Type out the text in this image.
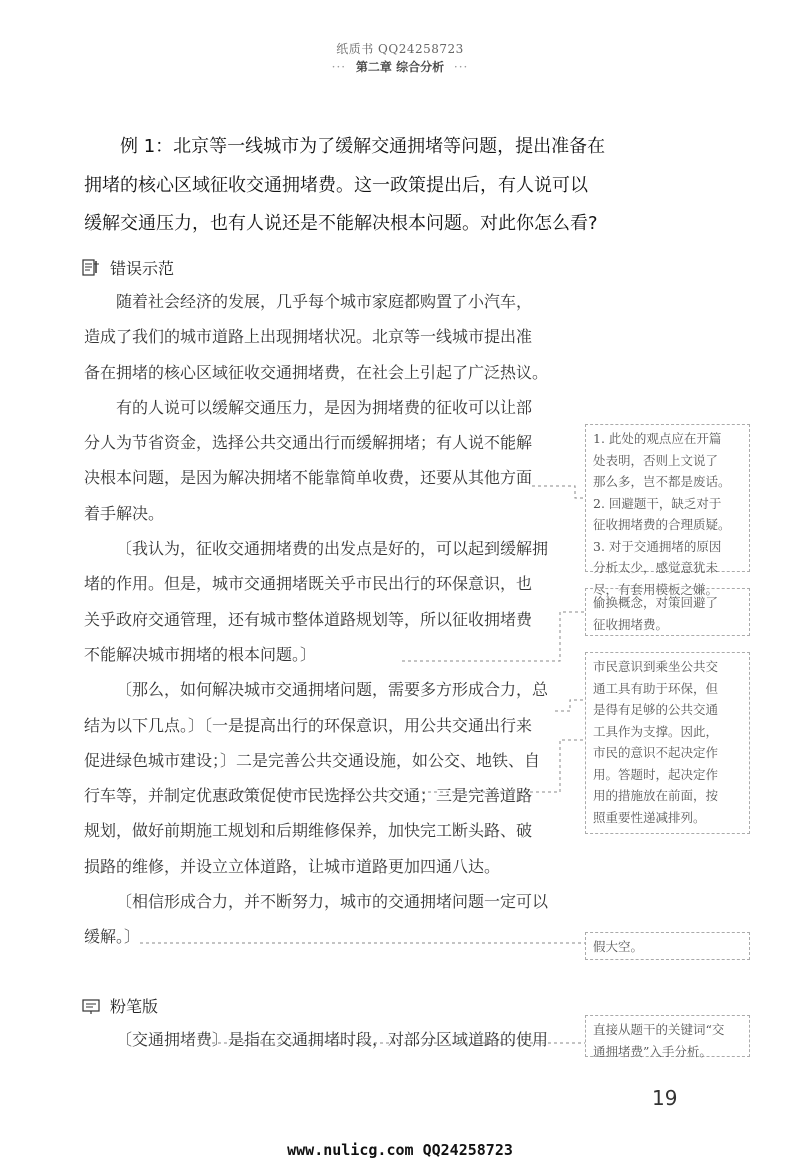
纸质书 QQ24258723
··· 第二章 综合分析 ···
例 1：北京等一线城市为了缓解交通拥堵等问题，提出准备在
拥堵的核心区域征收交通拥堵费。这一政策提出后，有人说可以
缓解交通压力，也有人说还是不能解决根本问题。对此你怎么看?
错误示范
随着社会经济的发展，几乎每个城市家庭都购置了小汽车，
造成了我们的城市道路上出现拥堵状况。北京等一线城市提出准
备在拥堵的核心区域征收交通拥堵费，在社会上引起了广泛热议。
有的人说可以缓解交通压力，是因为拥堵费的征收可以让部
分人为节省资金，选择公共交通出行而缓解拥堵；有人说不能解
决根本问题，是因为解决拥堵不能靠简单收费，还要从其他方面
着手解决。
〔我认为，征收交通拥堵费的出发点是好的，可以起到缓解拥
堵的作用。但是，城市交通拥堵既关乎市民出行的环保意识，也
关乎政府交通管理，还有城市整体道路规划等，所以征收拥堵费
不能解决城市拥堵的根本问题。〕
〔那么，如何解决城市交通拥堵问题，需要多方形成合力，总
结为以下几点。〕〔一是提高出行的环保意识，用公共交通出行来
促进绿色城市建设；〕二是完善公共交通设施，如公交、地铁、自
行车等，并制定优惠政策促使市民选择公共交通；三是完善道路
规划，做好前期施工规划和后期维修保养，加快完工断头路、破
损路的维修，并设立立体道路，让城市道路更加四通八达。
〔相信形成合力，并不断努力，城市的交通拥堵问题一定可以
缓解。〕
1. 此处的观点应在开篇
处表明，否则上文说了
那么多，岂不都是废话。
2. 回避题干，缺乏对于
征收拥堵费的合理质疑。
3. 对于交通拥堵的原因
分析太少，感觉意犹未
尽，有套用模板之嫌。
偷换概念，对策回避了
征收拥堵费。
市民意识到乘坐公共交
通工具有助于环保，但
是得有足够的公共交通
工具作为支撑。因此，
市民的意识不起决定作
用。答题时，起决定作
用的措施放在前面，按
照重要性递减排列。
假大空。
直接从题干的关键词“交
通拥堵费”入手分析。
粉笔版
〔交通拥堵费〕是指在交通拥堵时段，对部分区域道路的使用
19
www.nulicg.com QQ24258723
